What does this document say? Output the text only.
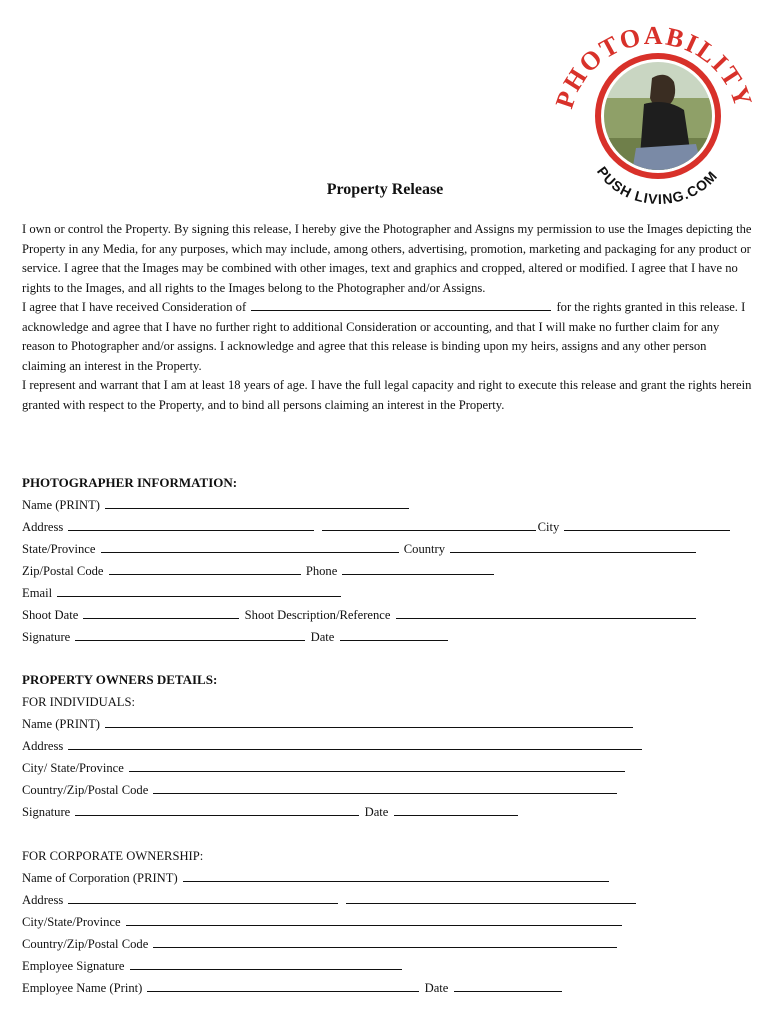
PHOTOABILITY
PUSH LIVING.COM
Property Release

I own or control the Property. By signing this release, I hereby give the Photographer and Assigns my permission to use the Images depicting the Property in any Media, for any purposes, which may include, among others, advertising, promotion, marketing and packaging for any product or service. I agree that the Images may be combined with other images, text and graphics and cropped, altered or modified. I agree that I have no rights to the Images, and all rights to the Images belong to the Photographer and/or Assigns.

I agree that I have received Consideration of	for the rights granted in this release. I acknowledge and agree that I have no further right to additional Consideration or accounting, and that I will make no further claim for any reason to Photographer and/or assigns. I acknowledge and agree that this release is binding upon my heirs, assigns and any other person claiming an interest in the Property.

I represent and warrant that I am at least 18 years of age. I have the full legal capacity and right to execute this release and grant the rights herein granted with respect to the Property, and to bind all persons claiming an interest in the Property.

PHOTOGRAPHER INFORMATION:
Name (PRINT)
Address	City
State/Province	Country
Zip/Postal Code	Phone
Email
Shoot Date	Shoot Description/Reference
Signature	Date
PROPERTY OWNERS DETAILS:
FOR INDIVIDUALS:
Name (PRINT)
Address
City/ State/Province
Country/Zip/Postal Code
Signature	Date
FOR CORPORATE OWNERSHIP:
Name of Corporation (PRINT)
Address
City/State/Province
Country/Zip/Postal Code
Employee Signature
Employee Name (Print)	Date
